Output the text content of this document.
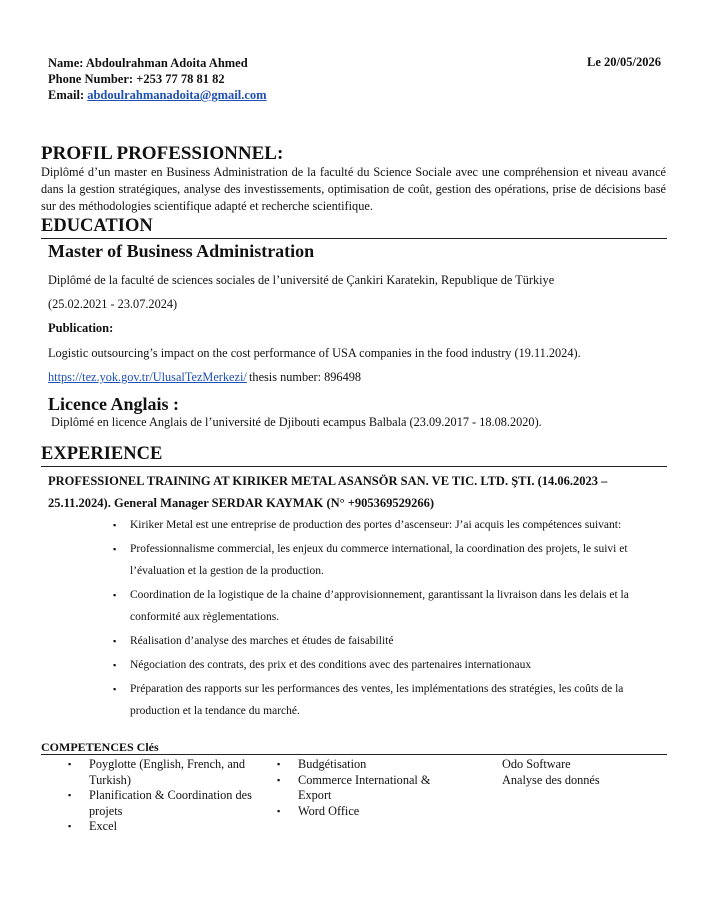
Name: Abdoulrahman Adoita Ahmed
Phone Number: +253 77 78 81 82
Email: abdoulrahmanadoita@gmail.com
Le 20/05/2026
PROFIL PROFESSIONNEL:
Diplômé d’un master en Business Administration de la faculté du Science Sociale avec une compréhension et niveau avancé dans la gestion stratégiques, analyse des investissements, optimisation de coût, gestion des opérations, prise de décisions basé sur des méthodologies scientifique adapté et recherche scientifique.
EDUCATION
Master of Business Administration
Diplômé de la faculté de sciences sociales de l’université de Çankiri Karatekin, Republique de Türkiye
(25.02.2021 - 23.07.2024)
Publication:
Logistic outsourcing’s impact on the cost performance of USA companies in the food industry (19.11.2024).
https://tez.yok.gov.tr/UlusalTezMerkezi/ thesis number: 896498
Licence Anglais :
Diplômé en licence Anglais de l’université de Djibouti ecampus Balbala (23.09.2017 - 18.08.2020).
EXPERIENCE
PROFESSIONEL TRAINING AT KIRIKER METAL ASANSÖR SAN. VE TIC. LTD. ŞTI. (14.06.2023 – 25.11.2024). General Manager SERDAR KAYMAK (N° +905369529266)
▪ Kiriker Metal est une entreprise de production des portes d’ascenseur: J’ai acquis les compétences suivant:
▪ Professionnalisme commercial, les enjeux du commerce international, la coordination des projets, le suivi et l’évaluation et la gestion de la production.
▪ Coordination de la logistique de la chaine d’approvisionnement, garantissant la livraison dans les delais et la conformité aux règlementations.
▪ Réalisation d’analyse des marches et études de faisabilité
▪ Négociation des contrats, des prix et des conditions avec des partenaires internationaux
▪ Préparation des rapports sur les performances des ventes, les implémentations des stratégies, les coûts de la production et la tendance du marché.
COMPETENCES Clés
▪ Poyglotte (English, French, and Turkish)
▪ Planification & Coordination des projets
▪ Excel
▪ Budgétisation
▪ Commerce International & Export
▪ Word Office
Odo Software
Analyse des donnés
